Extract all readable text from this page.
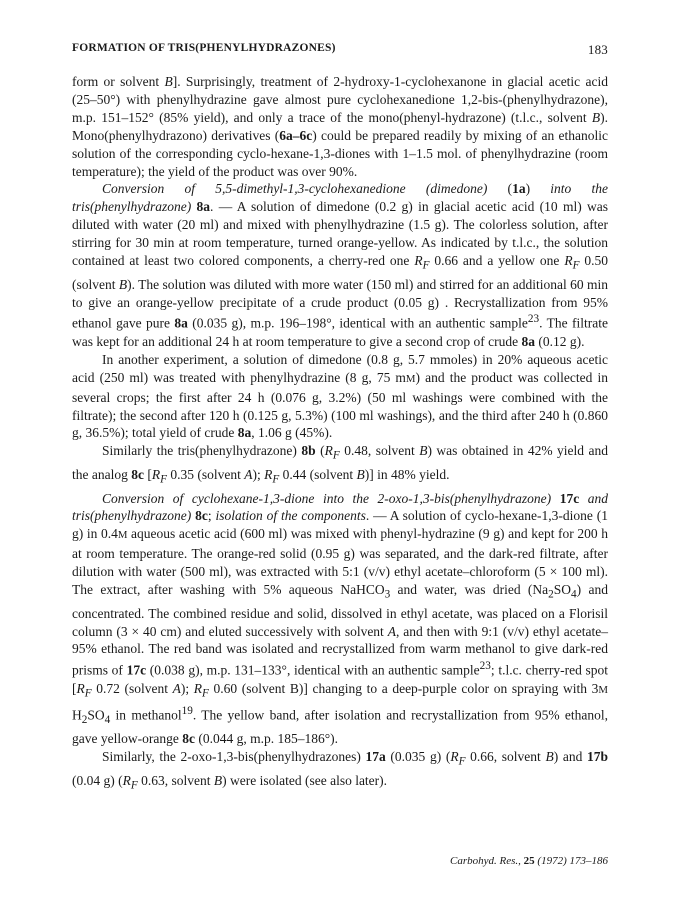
FORMATION OF TRIS(PHENYLHYDRAZONES)	183

form or solvent B]. Surprisingly, treatment of 2-hydroxy-1-cyclohexanone in glacial acetic acid (25–50°) with phenylhydrazine gave almost pure cyclohexanedione 1,2-bis-(phenylhydrazone), m.p. 151–152° (85% yield), and only a trace of the mono(phenyl-hydrazone) (t.l.c., solvent B). Mono(phenylhydrazono) derivatives (6a–6c) could be prepared readily by mixing of an ethanolic solution of the corresponding cyclo-hexane-1,3-diones with 1–1.5 mol. of phenylhydrazine (room temperature); the yield of the product was over 90%.

Conversion of 5,5-dimethyl-1,3-cyclohexanedione (dimedone) (1a) into the tris(phenylhydrazone) 8a. — A solution of dimedone (0.2 g) in glacial acetic acid (10 ml) was diluted with water (20 ml) and mixed with phenylhydrazine (1.5 g). The colorless solution, after stirring for 30 min at room temperature, turned orange-yellow. As indicated by t.l.c., the solution contained at least two colored components, a cherry-red one $R_F$ 0.66 and a yellow one $R_F$ 0.50 (solvent B). The solution was diluted with more water (150 ml) and stirred for an additional 60 min to give an orange-yellow precipitate of a crude product (0.05 g) . Recrystallization from 95% ethanol gave pure 8a (0.035 g), m.p. 196–198°, identical with an authentic sample$^{23}$. The filtrate was kept for an additional 24 h at room temperature to give a second crop of crude 8a (0.12 g).

In another experiment, a solution of dimedone (0.8 g, 5.7 mmoles) in 20% aqueous acetic acid (250 ml) was treated with phenylhydrazine (8 g, 75 mM) and the product was collected in several crops; the first after 24 h (0.076 g, 3.2%) (50 ml washings were combined with the filtrate); the second after 120 h (0.125 g, 5.3%) (100 ml washings), and the third after 240 h (0.860 g, 36.5%); total yield of crude 8a, 1.06 g (45%).

Similarly the tris(phenylhydrazone) 8b ($R_F$ 0.48, solvent B) was obtained in 42% yield and the analog 8c [$R_F$ 0.35 (solvent A); $R_F$ 0.44 (solvent B)] in 48% yield.

Conversion of cyclohexane-1,3-dione into the 2-oxo-1,3-bis(phenylhydrazone) 17c and tris(phenylhydrazone) 8c; isolation of the components. — A solution of cyclo-hexane-1,3-dione (1 g) in 0.4M aqueous acetic acid (600 ml) was mixed with phenyl-hydrazine (9 g) and kept for 200 h at room temperature. The orange-red solid (0.95 g) was separated, and the dark-red filtrate, after dilution with water (500 ml), was extracted with 5:1 (v/v) ethyl acetate–chloroform (5 × 100 ml). The extract, after washing with 5% aqueous NaHCO$_3$ and water, was dried $(Na_2SO_4)$ and concentrated. The combined residue and solid, dissolved in ethyl acetate, was placed on a Florisil column (3 × 40 cm) and eluted successively with solvent A, and then with 9:1 (v/v) ethyl acetate–95% ethanol. The red band was isolated and recrystallized from warm methanol to give dark-red prisms of 17c (0.038 g), m.p. 131–133°, identical with an authentic sample$^{23}$; t.l.c. cherry-red spot [$R_F$ 0.72 (solvent A); $R_F$ 0.60 (solvent B)] changing to a deep-purple color on spraying with 3M $H_2SO_4$ in methanol$^{19}$. The yellow band, after isolation and recrystallization from 95% ethanol, gave yellow-orange 8c (0.044 g, m.p. 185–186°).

Similarly, the 2-oxo-1,3-bis(phenylhydrazones) 17a (0.035 g) ($R_F$ 0.66, solvent B) and 17b (0.04 g) ($R_F$ 0.63, solvent B) were isolated (see also later).

Carbohyd. Res., 25 (1972) 173–186
